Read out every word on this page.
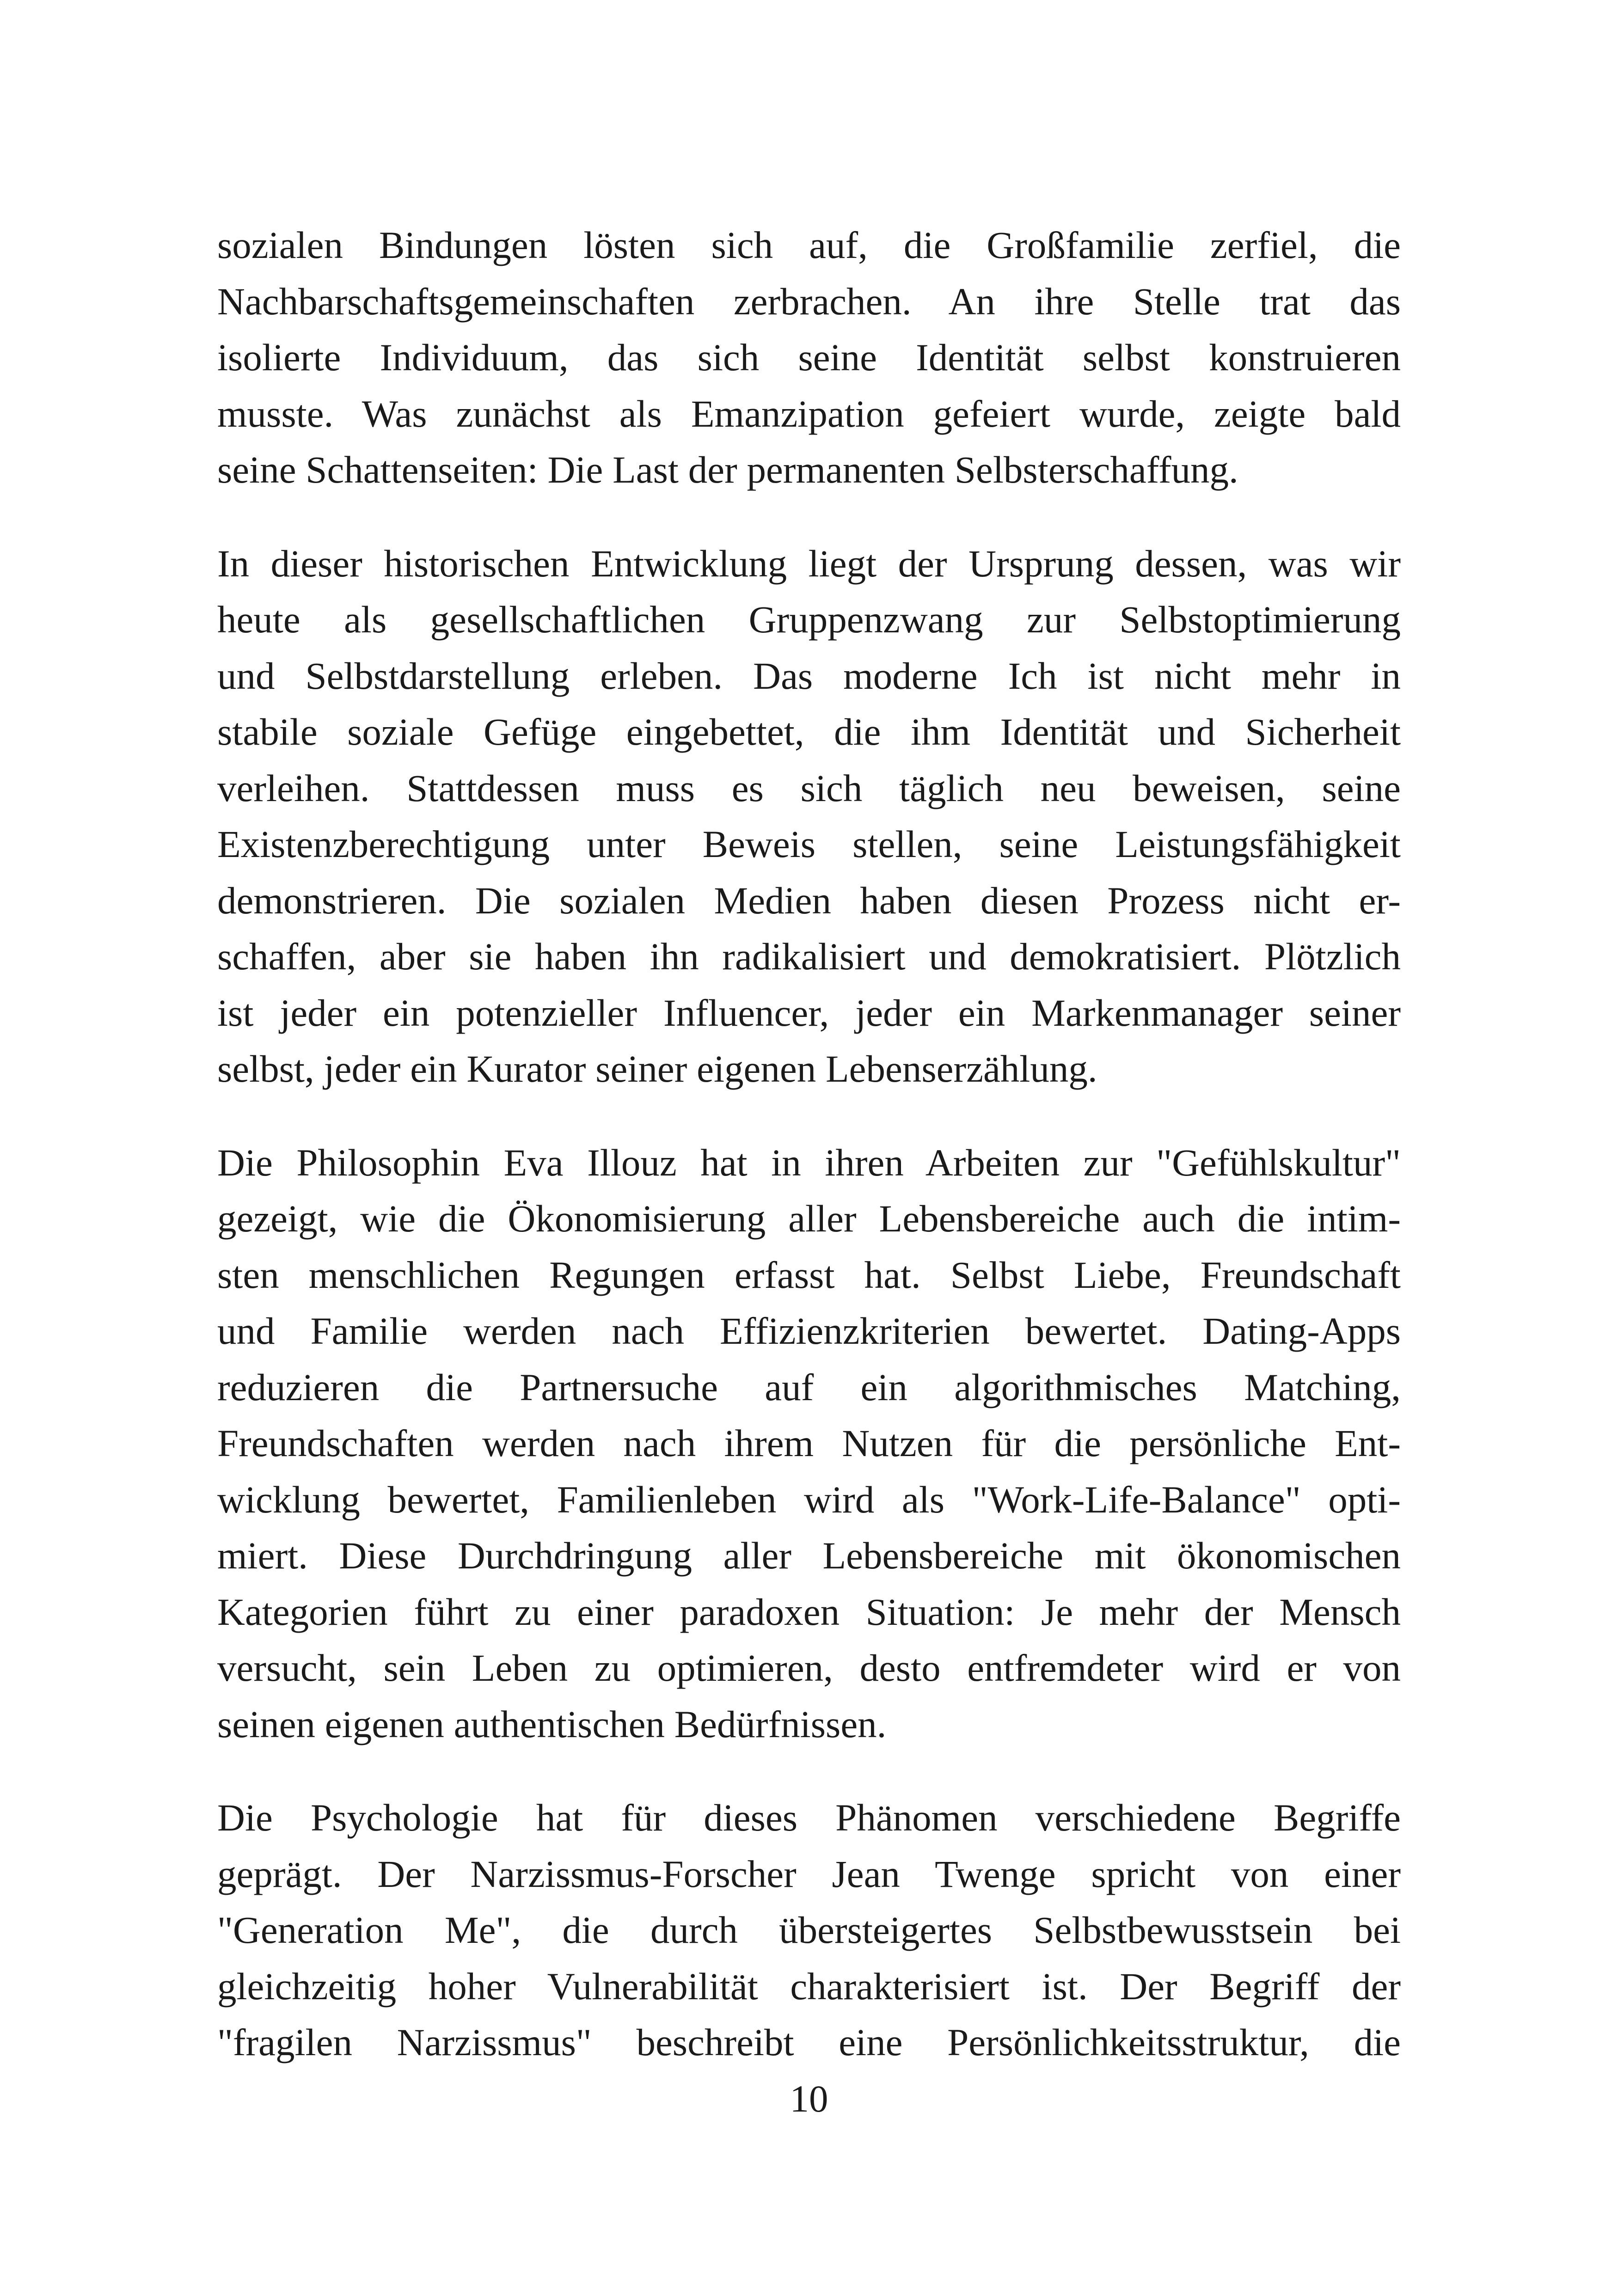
sozialen Bindungen lösten sich auf, die Großfamilie zerfiel, die
Nachbarschaftsgemeinschaften zerbrachen. An ihre Stelle trat das
isolierte Individuum, das sich seine Identität selbst konstruieren
musste. Was zunächst als Emanzipation gefeiert wurde, zeigte bald
seine Schattenseiten: Die Last der permanenten Selbsterschaffung.

In dieser historischen Entwicklung liegt der Ursprung dessen, was wir
heute als gesellschaftlichen Gruppenzwang zur Selbstoptimierung
und Selbstdarstellung erleben. Das moderne Ich ist nicht mehr in
stabile soziale Gefüge eingebettet, die ihm Identität und Sicherheit
verleihen. Stattdessen muss es sich täglich neu beweisen, seine
Existenzberechtigung unter Beweis stellen, seine Leistungsfähigkeit
demonstrieren. Die sozialen Medien haben diesen Prozess nicht er-
schaffen, aber sie haben ihn radikalisiert und demokratisiert. Plötzlich
ist jeder ein potenzieller Influencer, jeder ein Markenmanager seiner
selbst, jeder ein Kurator seiner eigenen Lebenserzählung.

Die Philosophin Eva Illouz hat in ihren Arbeiten zur "Gefühlskultur"
gezeigt, wie die Ökonomisierung aller Lebensbereiche auch die intim-
sten menschlichen Regungen erfasst hat. Selbst Liebe, Freundschaft
und Familie werden nach Effizienzkriterien bewertet. Dating-Apps
reduzieren die Partnersuche auf ein algorithmisches Matching,
Freundschaften werden nach ihrem Nutzen für die persönliche Ent-
wicklung bewertet, Familienleben wird als "Work-Life-Balance" opti-
miert. Diese Durchdringung aller Lebensbereiche mit ökonomischen
Kategorien führt zu einer paradoxen Situation: Je mehr der Mensch
versucht, sein Leben zu optimieren, desto entfremdeter wird er von
seinen eigenen authentischen Bedürfnissen.

Die Psychologie hat für dieses Phänomen verschiedene Begriffe
geprägt. Der Narzissmus-Forscher Jean Twenge spricht von einer
"Generation Me", die durch übersteigertes Selbstbewusstsein bei
gleichzeitig hoher Vulnerabilität charakterisiert ist. Der Begriff der
"fragilen Narzissmus" beschreibt eine Persönlichkeitsstruktur, die

10
